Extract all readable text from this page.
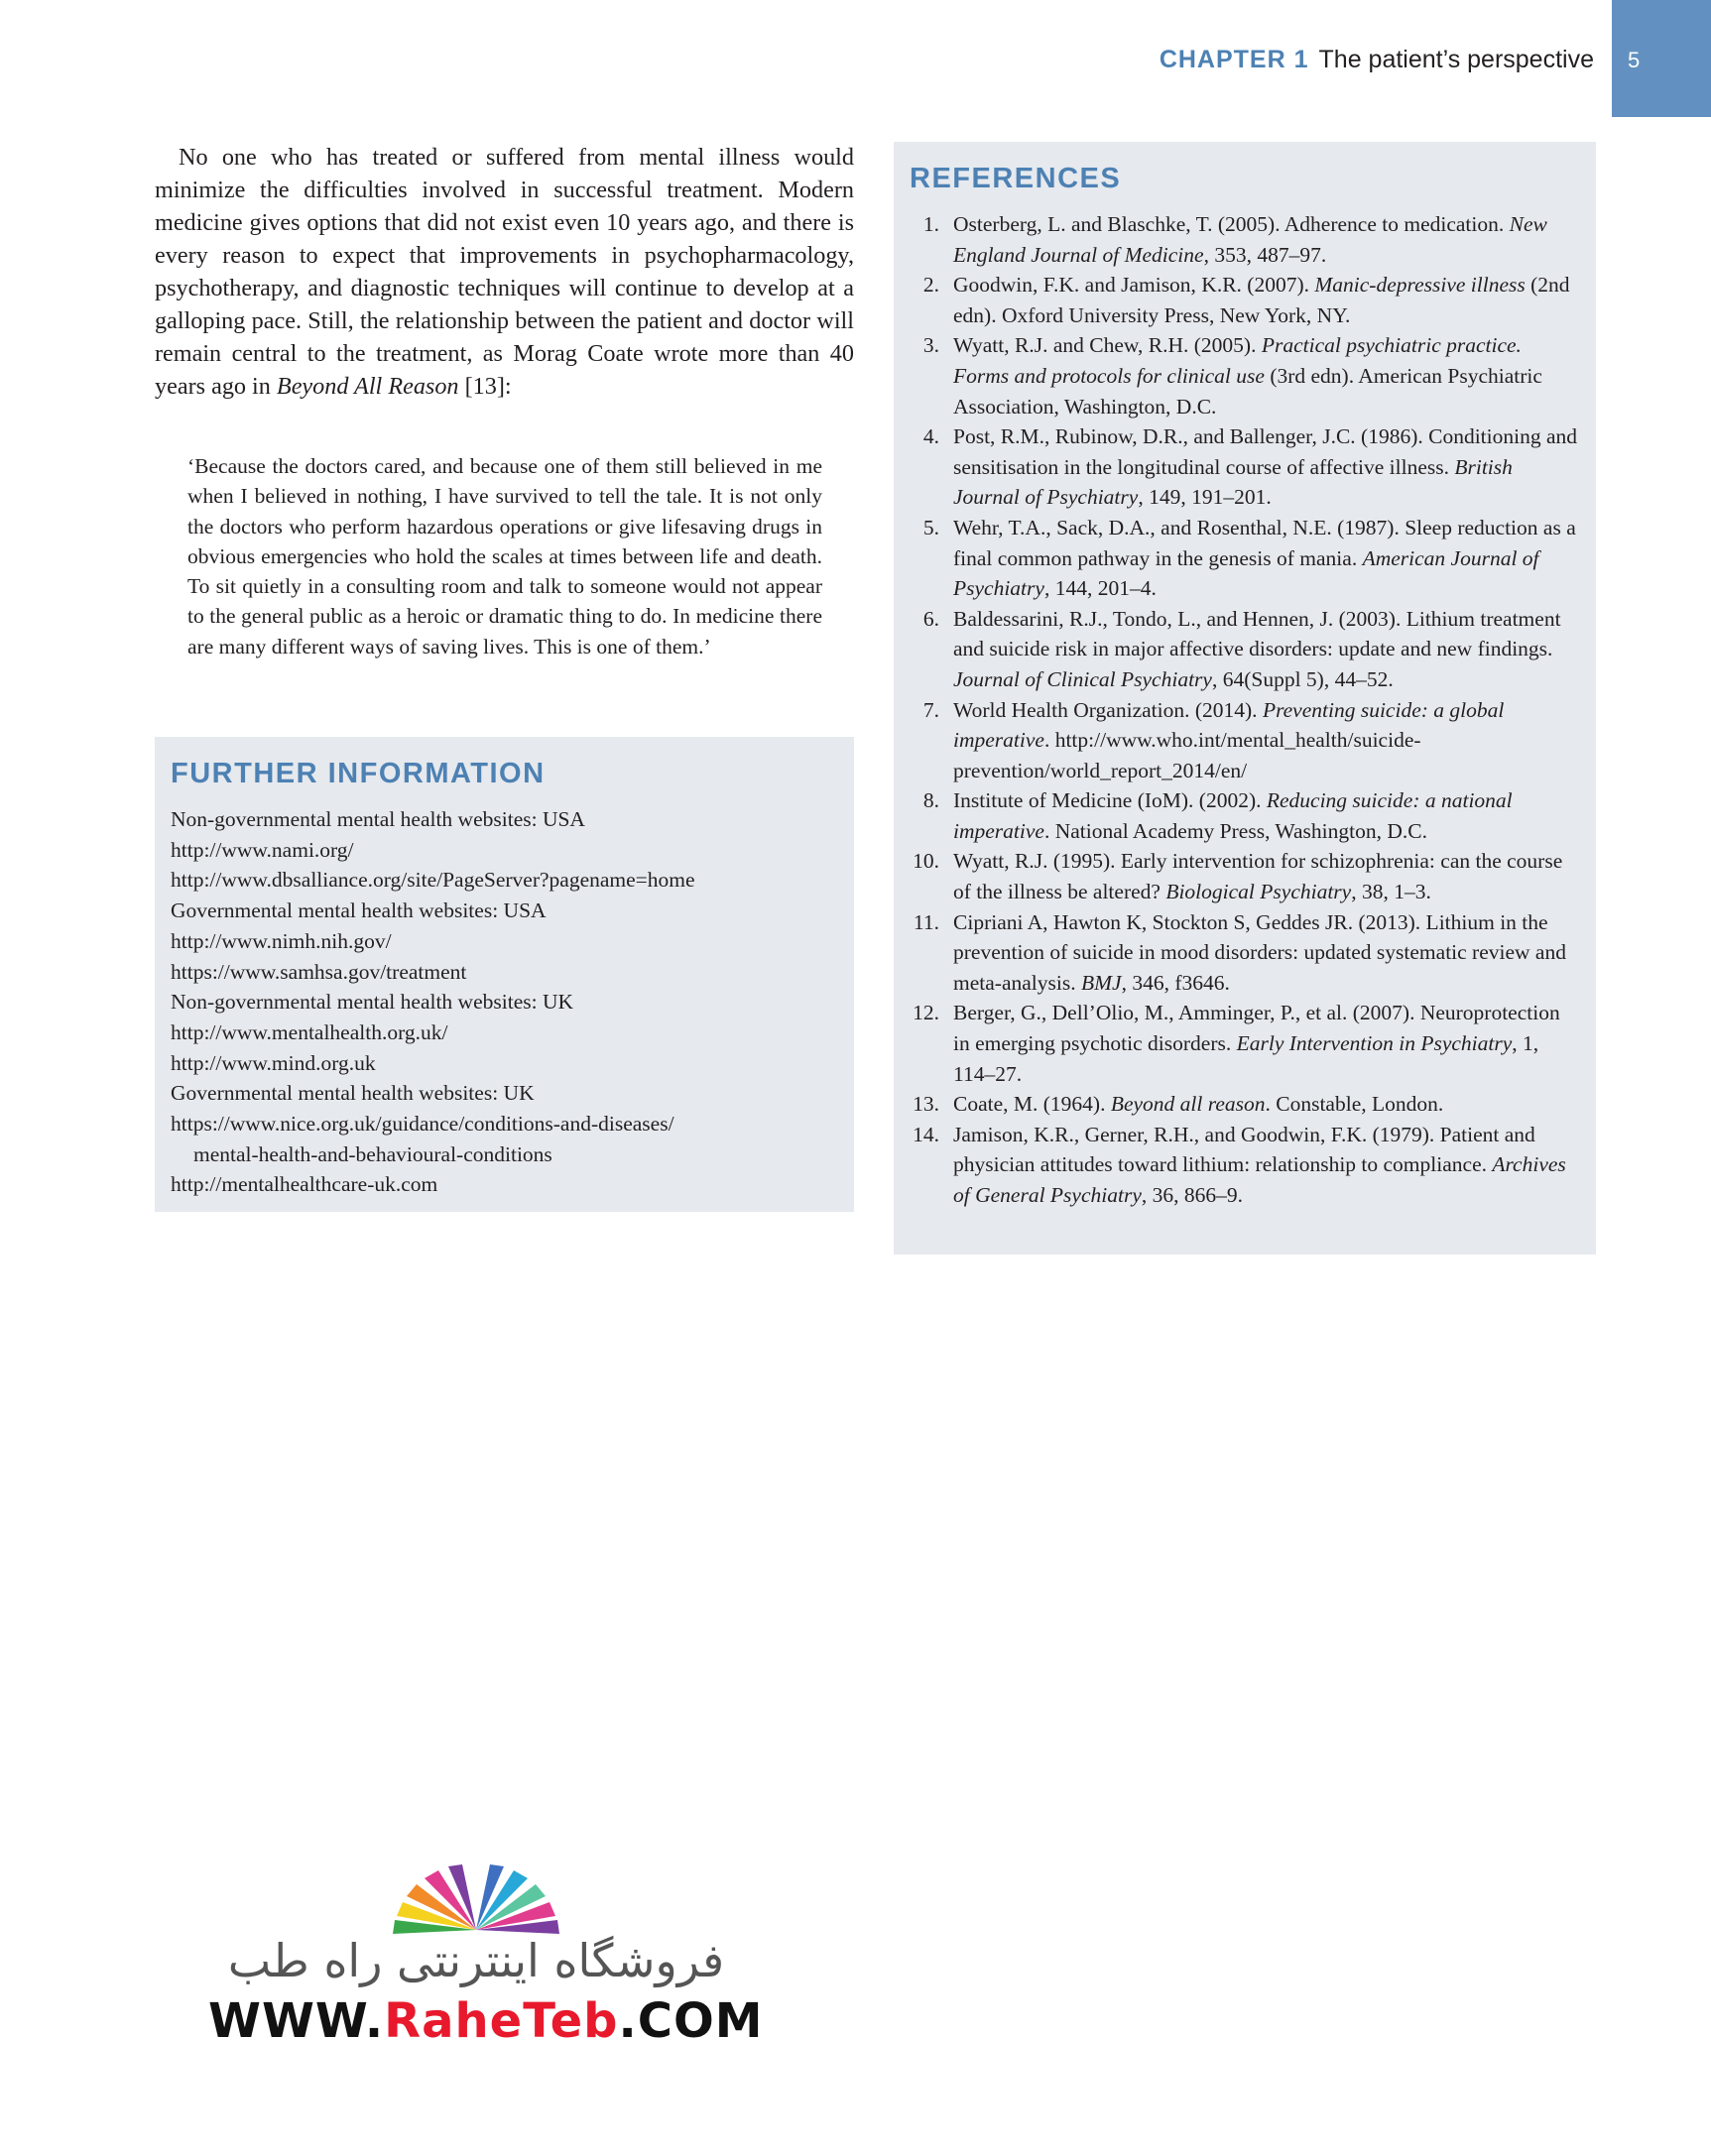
CHAPTER 1 The patient’s perspective 5

No one who has treated or suffered from mental illness would minimize the difficulties involved in successful treatment. Modern medicine gives options that did not exist even 10 years ago, and there is every reason to expect that improvements in psychopharmacology, psychotherapy, and diagnostic techniques will continue to develop at a galloping pace. Still, the relationship between the patient and doctor will remain central to the treatment, as Morag Coate wrote more than 40 years ago in Beyond All Reason [13]:

‘Because the doctors cared, and because one of them still believed in me when I believed in nothing, I have survived to tell the tale. It is not only the doctors who perform hazardous operations or give lifesaving drugs in obvious emergencies who hold the scales at times between life and death. To sit quietly in a consulting room and talk to someone would not appear to the general public as a heroic or dramatic thing to do. In medicine there are many different ways of saving lives. This is one of them.’

FURTHER INFORMATION

Non-governmental mental health websites: USA

http://www.nami.org/

http://www.dbsalliance.org/site/PageServer?pagename=home

Governmental mental health websites: USA

http://www.nimh.nih.gov/

https://www.samhsa.gov/treatment

Non-governmental mental health websites: UK

http://www.mentalhealth.org.uk/

http://www.mind.org.uk

Governmental mental health websites: UK

https://www.nice.org.uk/guidance/conditions-and-diseases/

mental-health-and-behavioural-conditions

http://mentalhealthcare-uk.com

REFERENCES
1. Osterberg, L. and Blaschke, T. (2005). Adherence to medication. New England Journal of Medicine, 353, 487–97.
2. Goodwin, F.K. and Jamison, K.R. (2007). Manic-depressive illness (2nd edn). Oxford University Press, New York, NY.
3. Wyatt, R.J. and Chew, R.H. (2005). Practical psychiatric practice. Forms and protocols for clinical use (3rd edn). American Psychiatric Association, Washington, D.C.
4. Post, R.M., Rubinow, D.R., and Ballenger, J.C. (1986). Conditioning and sensitisation in the longitudinal course of affective illness. British Journal of Psychiatry, 149, 191–201.
5. Wehr, T.A., Sack, D.A., and Rosenthal, N.E. (1987). Sleep reduction as a final common pathway in the genesis of mania. American Journal of Psychiatry, 144, 201–4.
6. Baldessarini, R.J., Tondo, L., and Hennen, J. (2003). Lithium treatment and suicide risk in major affective disorders: update and new findings. Journal of Clinical Psychiatry, 64(Suppl 5), 44–52.
7. World Health Organization. (2014). Preventing suicide: a global imperative. http://www.who.int/mental_health/suicide-prevention/world_report_2014/en/
8. Institute of Medicine (IoM). (2002). Reducing suicide: a national imperative. National Academy Press, Washington, D.C.
10. Wyatt, R.J. (1995). Early intervention for schizophrenia: can the course of the illness be altered? Biological Psychiatry, 38, 1–3.
11. Cipriani A, Hawton K, Stockton S, Geddes JR. (2013). Lithium in the prevention of suicide in mood disorders: updated systematic review and meta-analysis. BMJ, 346, f3646.
12. Berger, G., Dell’Olio, M., Amminger, P., et al. (2007). Neuroprotection in emerging psychotic disorders. Early Intervention in Psychiatry, 1, 114–27.
13. Coate, M. (1964). Beyond all reason. Constable, London.
14. Jamison, K.R., Gerner, R.H., and Goodwin, F.K. (1979). Patient and physician attitudes toward lithium: relationship to compliance. Archives of General Psychiatry, 36, 866–9.
فروشگاه اینترنتی راه طب
WWW.RaheTeb.COM
